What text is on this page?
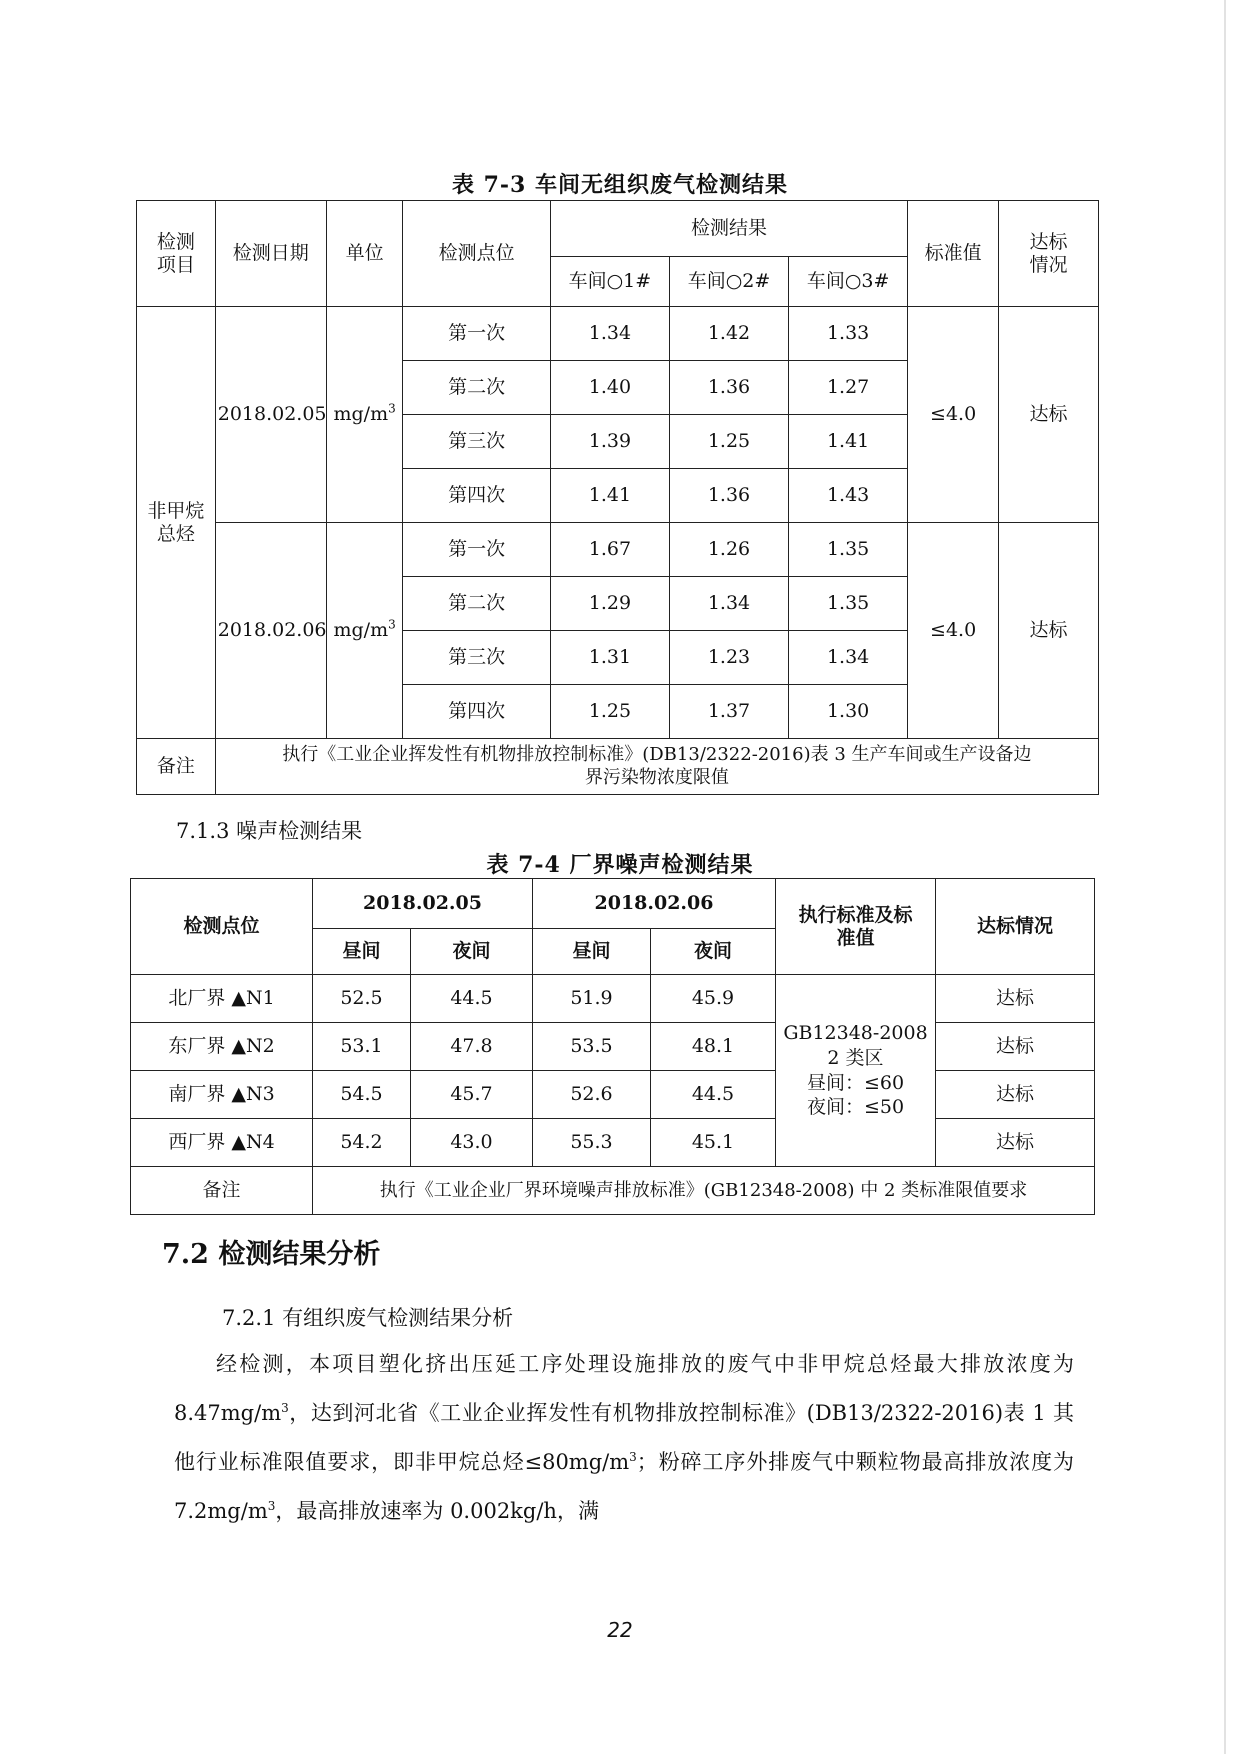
表 7-3 车间无组织废气检测结果
检测
项目	检测日期	单位	检测点位	检测结果			标准值	达标
情况
				车间○1#	车间○2#	车间○3#		
非甲烷
总烃	2018.02.05	$mg/m^3$	第一次	1.34	1.42	1.33	≤4.0	达标
			第二次	1.40	1.36	1.27		
			第三次	1.39	1.25	1.41		
			第四次	1.41	1.36	1.43		
	2018.02.06	$mg/m^3$	第一次	1.67	1.26	1.35	≤4.0	达标
			第二次	1.29	1.34	1.35		
			第三次	1.31	1.23	1.34		
			第四次	1.25	1.37	1.30		
备注	执行《工业企业挥发性有机物排放控制标准》(DB13/2322-2016)表 3 生产车间或生产设备边
界污染物浓度限值							
7.1.3 噪声检测结果
表 7-4 厂界噪声检测结果
检测点位	2018.02.05		2018.02.06		执行标准及标
准值	达标情况
	昼间	夜间	昼间	夜间		
北厂界 ▲N1	52.5	44.5	51.9	45.9	GB12348-2008
2 类区
昼间：≤60
夜间：≤50	达标
东厂界 ▲N2	53.1	47.8	53.5	48.1		达标
南厂界 ▲N3	54.5	45.7	52.6	44.5		达标
西厂界 ▲N4	54.2	43.0	55.3	45.1		达标
备注	执行《工业企业厂界环境噪声排放标准》(GB12348-2008) 中 2 类标准限值要求					
7.2 检测结果分析
7.2.1 有组织废气检测结果分析

经检测，本项目塑化挤出压延工序处理设施排放的废气中非甲烷总烃最大排放浓度为 $8.47mg/m^3$，达到河北省《工业企业挥发性有机物排放控制标准》(DB13/2322-2016)表 1 其他行业标准限值要求，即非甲烷总烃$\le 80mg/m^3$；粉碎工序外排废气中颗粒物最高排放浓度为 $7.2mg/m^3$，最高排放速率为 0.002kg/h，满

22
